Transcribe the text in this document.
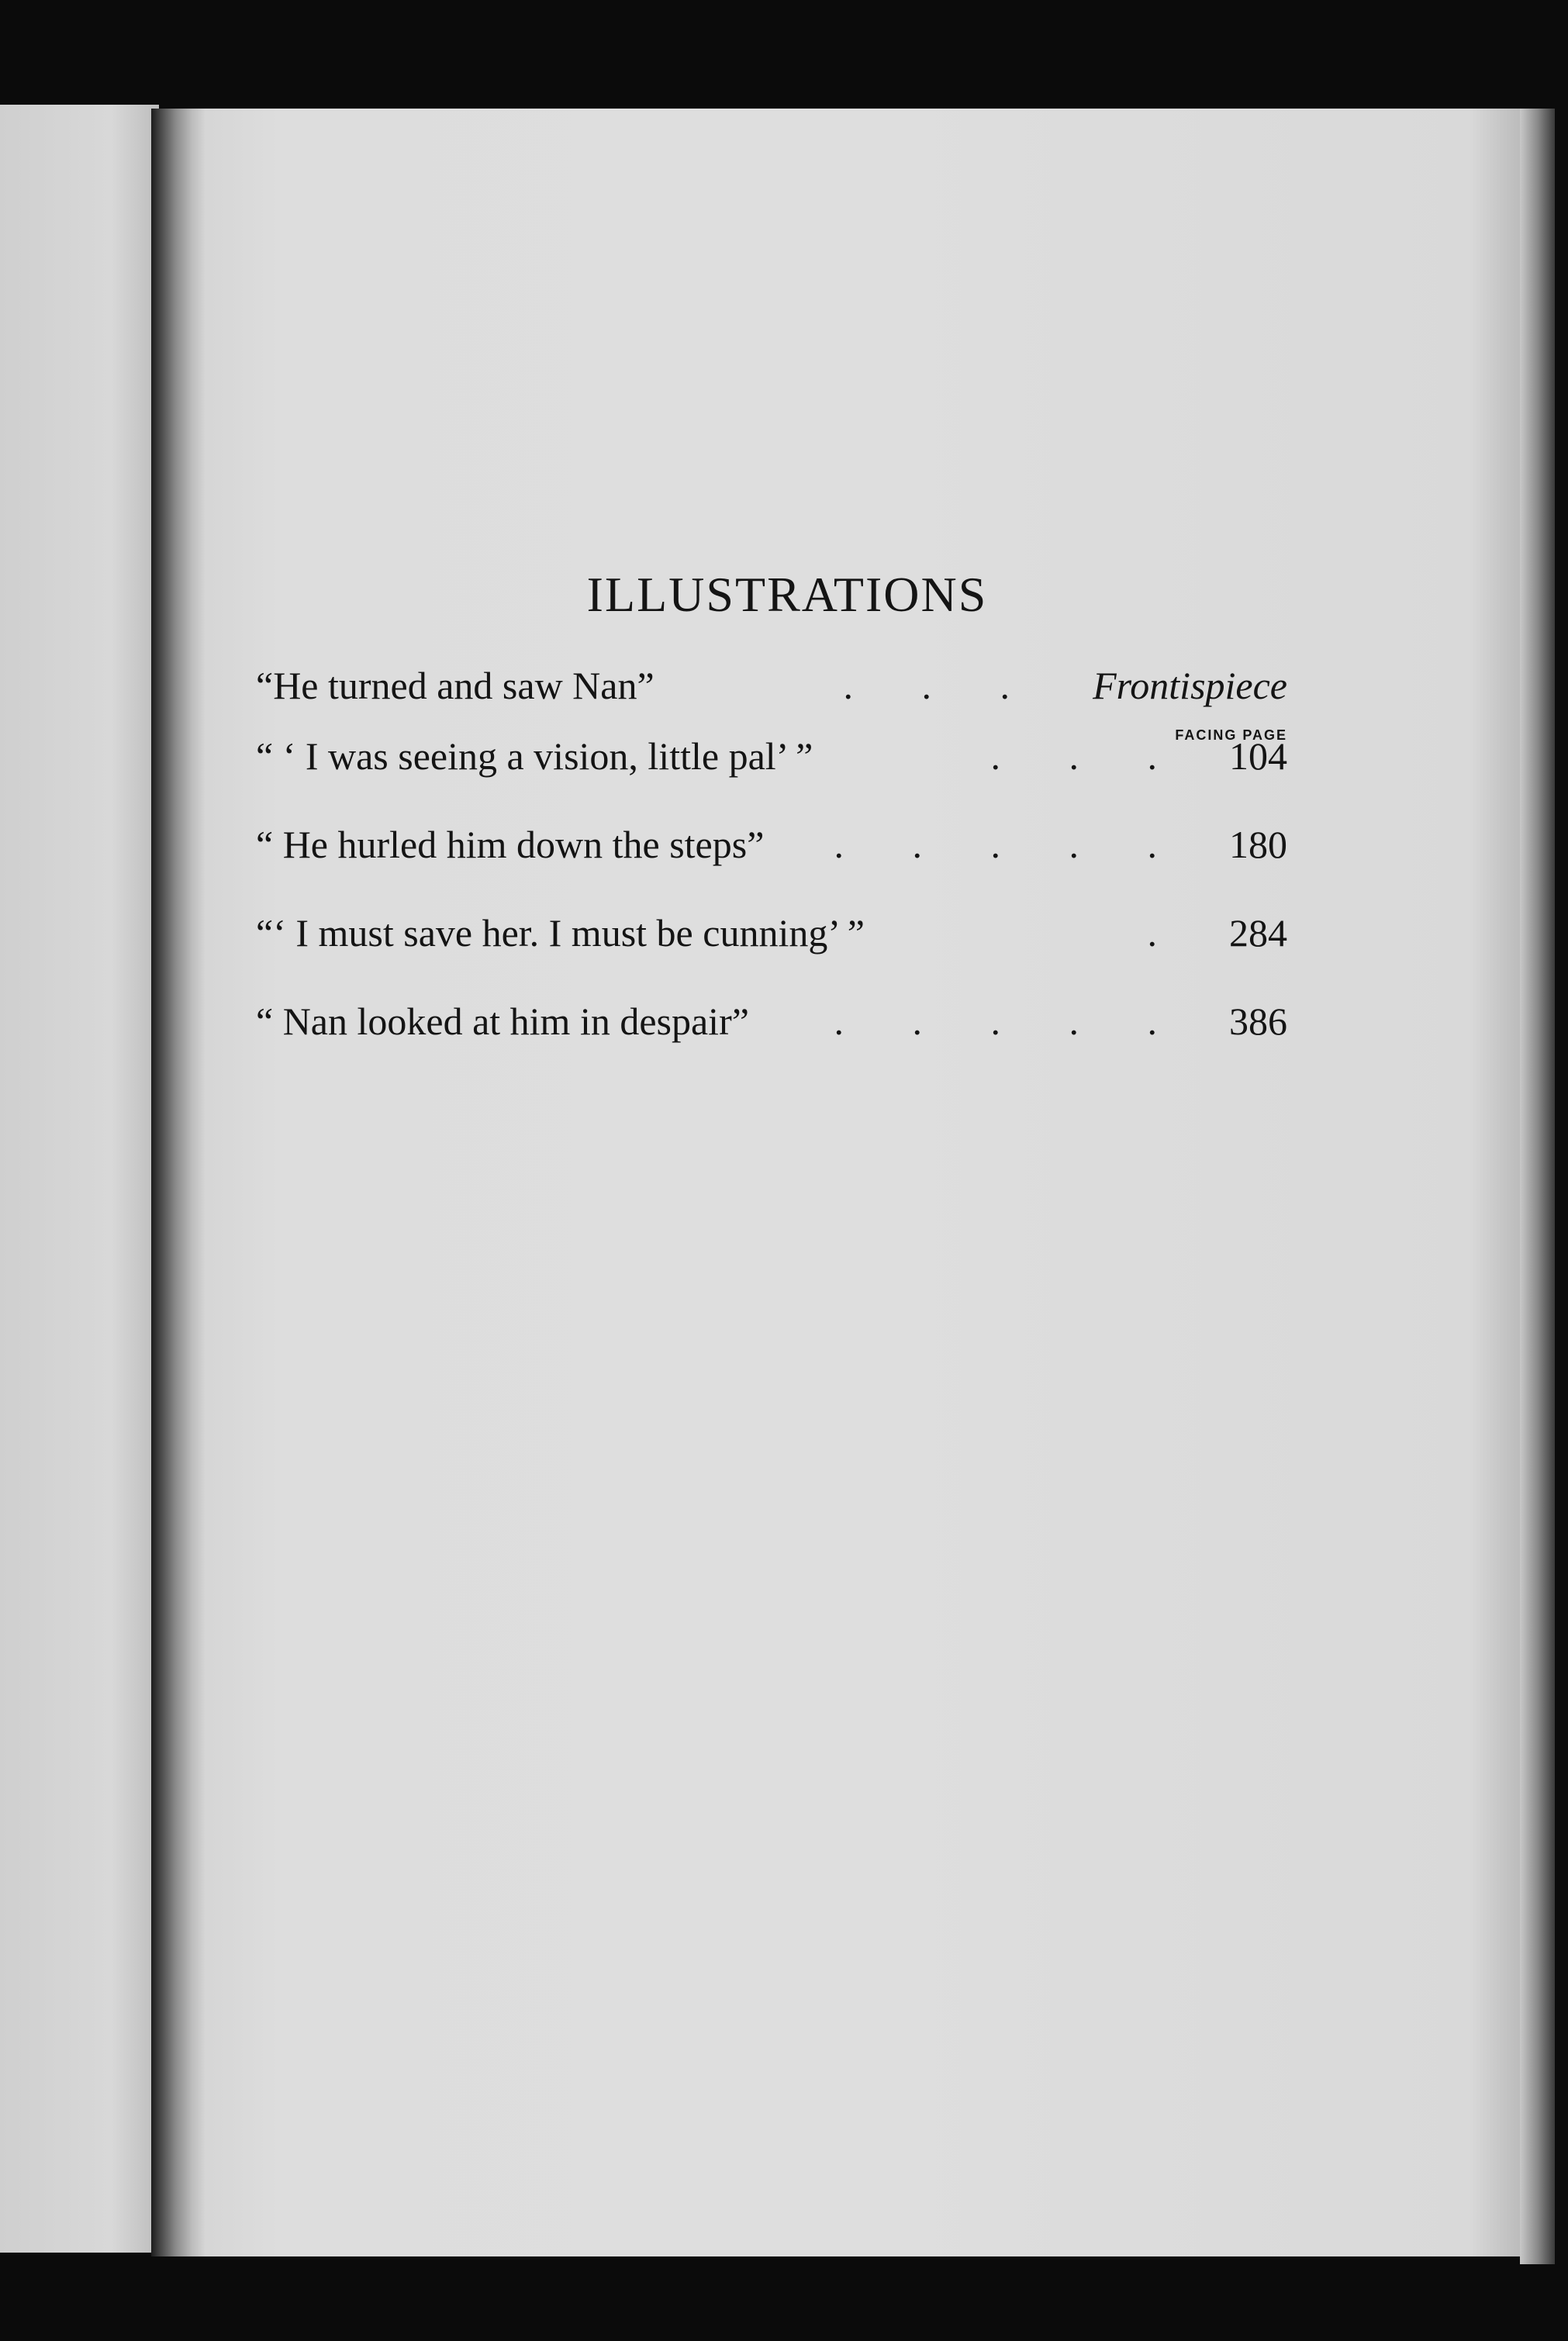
ILLUSTRATIONS
“He turned and saw Nan”	. . .	Frontispiece
FACING PAGE
“ ‘ I was seeing a vision, little pal’ ”	. . .	104
“ He hurled him down the steps”	. . . . .	180
“‘ I must save her. I must be cunning’ ”	.	284
“ Nan looked at him in despair”	. . . . .	386
